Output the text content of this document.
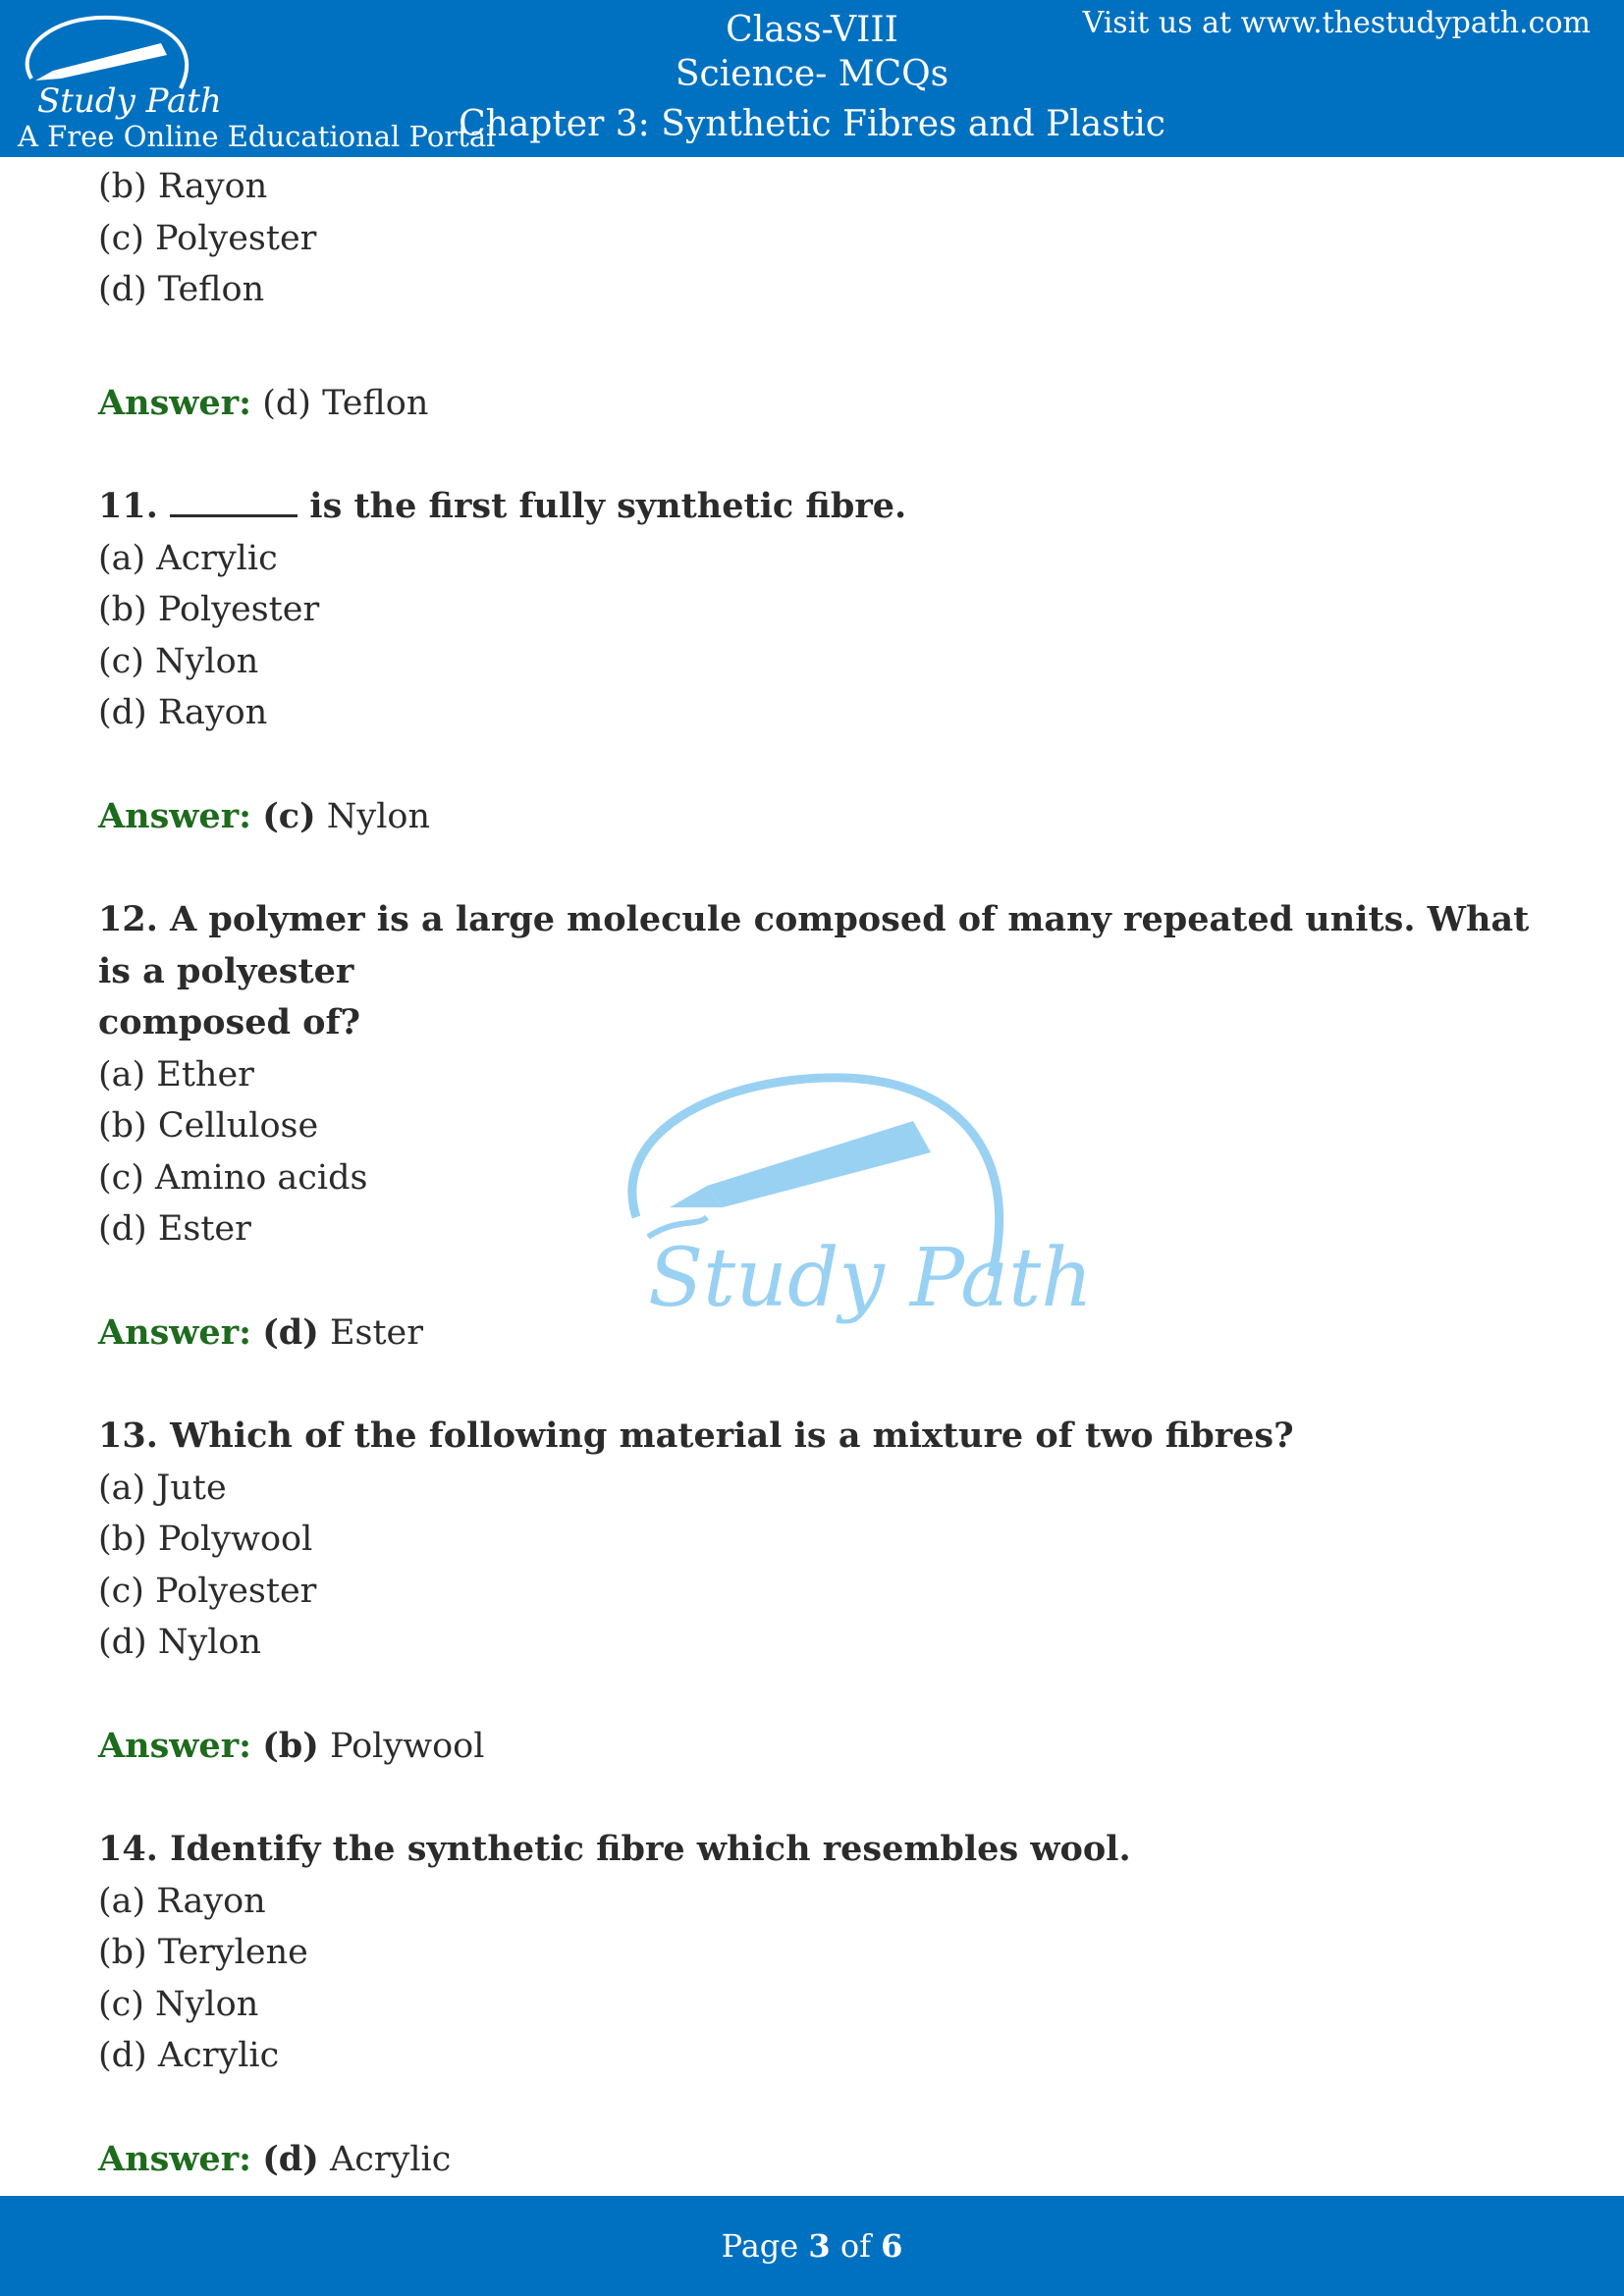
Study Path
A Free Online Educational Portal
Class-VIII
Science- MCQs
Chapter 3: Synthetic Fibres and Plastic
Visit us at www.thestudypath.com
(b) Rayon
(c) Polyester
(d) Teflon
Answer: (d) Teflon
11.	is the first fully synthetic fibre.
(a) Acrylic
(b) Polyester
(c) Nylon
(d) Rayon
Answer: (c) Nylon
12. A polymer is a large molecule composed of many repeated units. What is a polyester
composed of?
(a) Ether
(b) Cellulose
(c) Amino acids
(d) Ester
Answer: (d) Ester
13. Which of the following material is a mixture of two fibres?
(a) Jute
(b) Polywool
(c) Polyester
(d) Nylon
Answer: (b) Polywool
14. Identify the synthetic fibre which resembles wool.
(a) Rayon
(b) Terylene
(c) Nylon
(d) Acrylic
Answer: (d) Acrylic
Study Path
Page 3 of 6
